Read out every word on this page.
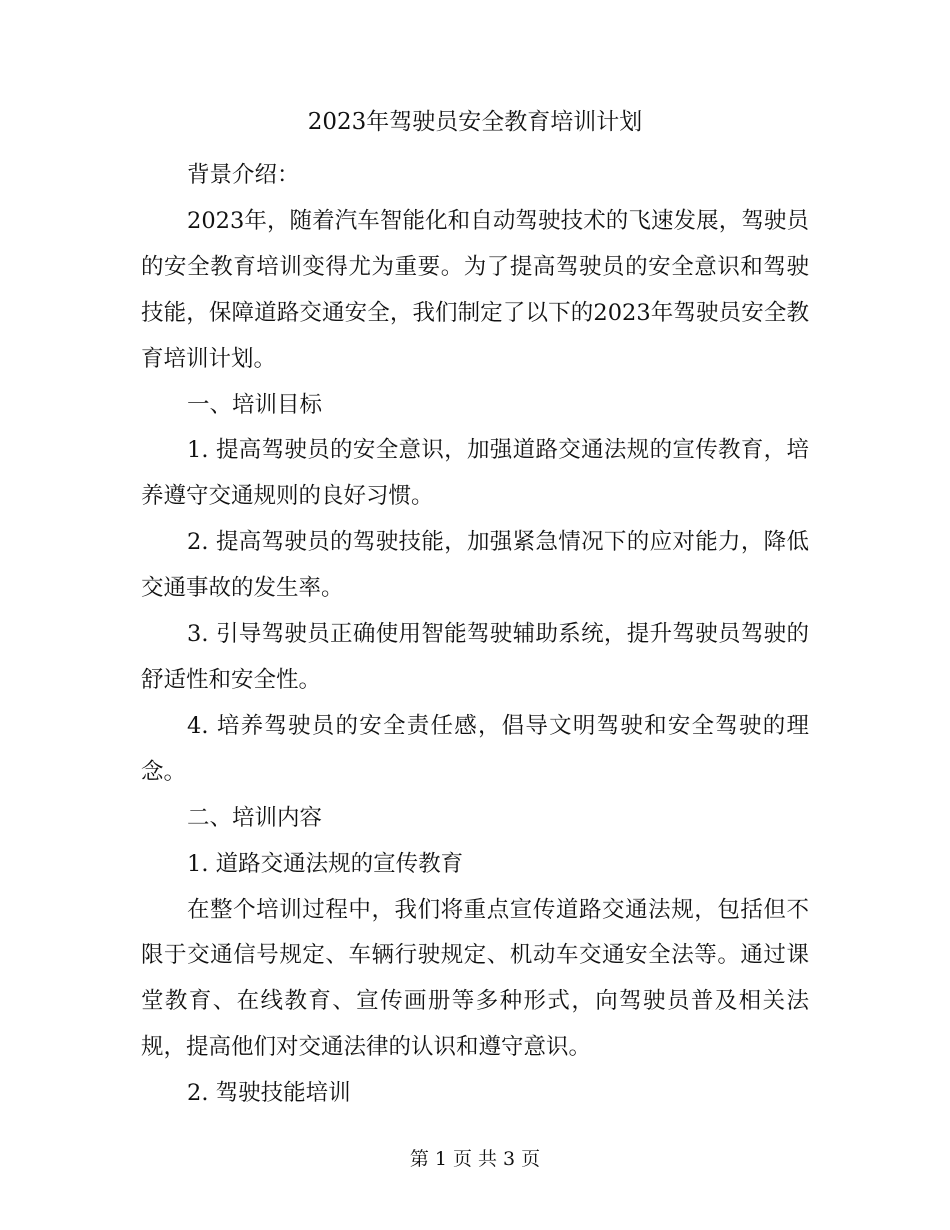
2023年驾驶员安全教育培训计划

背景介绍：

2023年，随着汽车智能化和自动驾驶技术的飞速发展，驾驶员的安全教育培训变得尤为重要。为了提高驾驶员的安全意识和驾驶技能，保障道路交通安全，我们制定了以下的2023年驾驶员安全教育培训计划。

一、培训目标

1. 提高驾驶员的安全意识，加强道路交通法规的宣传教育，培养遵守交通规则的良好习惯。

2. 提高驾驶员的驾驶技能，加强紧急情况下的应对能力，降低交通事故的发生率。

3. 引导驾驶员正确使用智能驾驶辅助系统，提升驾驶员驾驶的舒适性和安全性。

4. 培养驾驶员的安全责任感，倡导文明驾驶和安全驾驶的理念。

二、培训内容

1. 道路交通法规的宣传教育

在整个培训过程中，我们将重点宣传道路交通法规，包括但不限于交通信号规定、车辆行驶规定、机动车交通安全法等。通过课堂教育、在线教育、宣传画册等多种形式，向驾驶员普及相关法规，提高他们对交通法律的认识和遵守意识。

2. 驾驶技能培训

第 1 页 共 3 页
